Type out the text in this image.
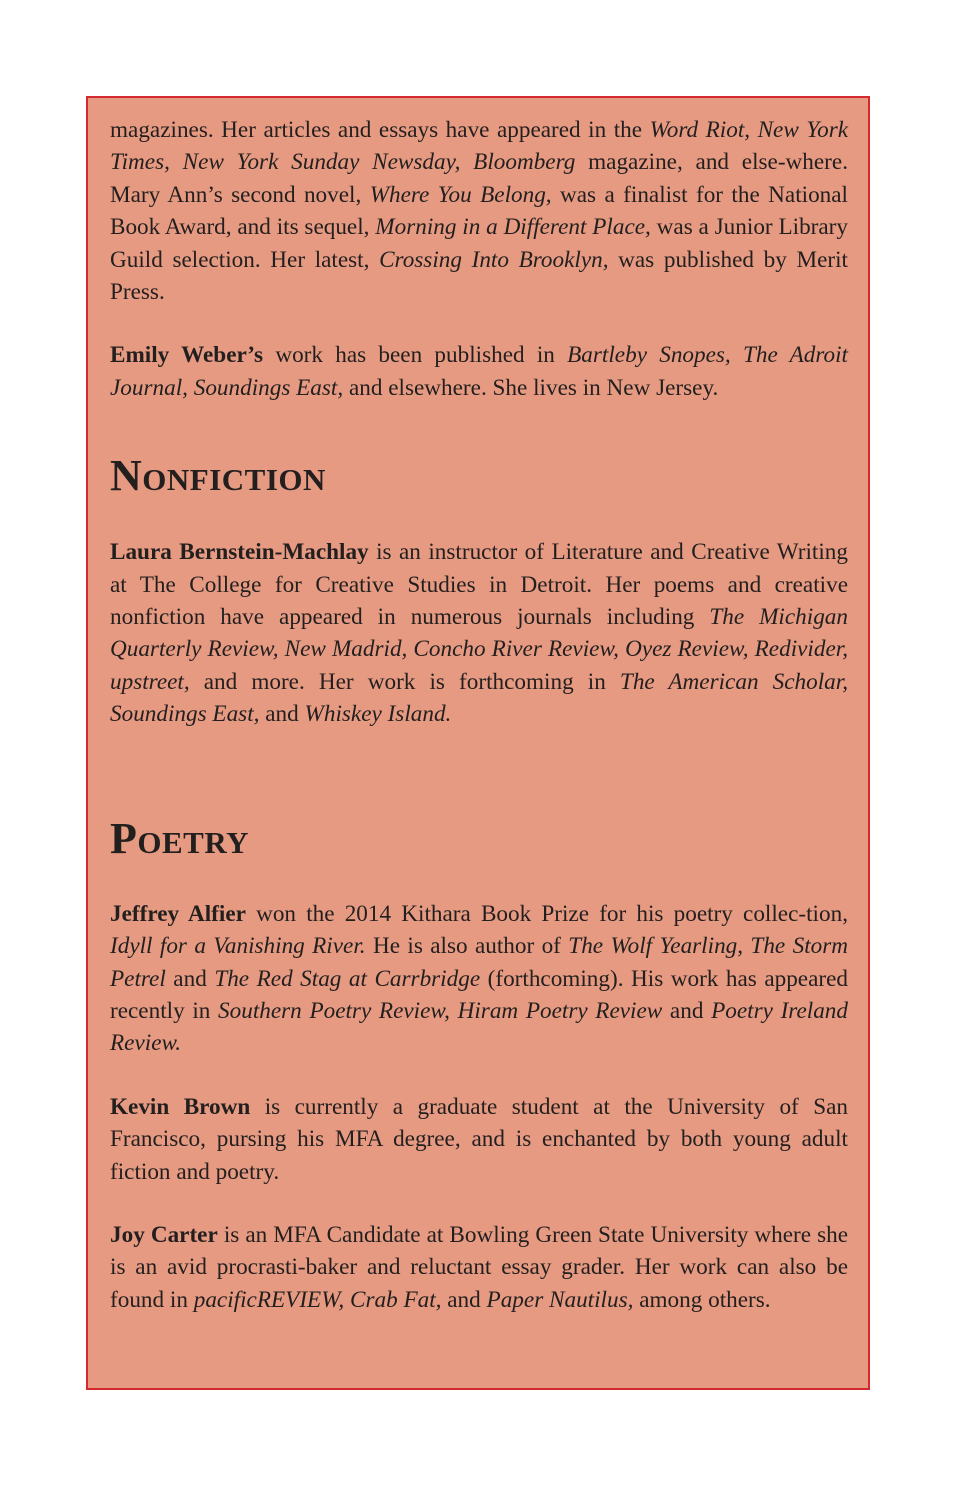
magazines. Her articles and essays have appeared in the Word Riot, New York Times, New York Sunday Newsday, Bloomberg magazine, and else-where. Mary Ann’s second novel, Where You Belong, was a finalist for the National Book Award, and its sequel, Morning in a Different Place, was a Junior Library Guild selection. Her latest, Crossing Into Brooklyn, was published by Merit Press.

Emily Weber’s work has been published in Bartleby Snopes, The Adroit Journal, Soundings East, and elsewhere. She lives in New Jersey.

Nonfiction

Laura Bernstein-Machlay is an instructor of Literature and Creative Writing at The College for Creative Studies in Detroit. Her poems and creative nonfiction have appeared in numerous journals including The Michigan Quarterly Review, New Madrid, Concho River Review, Oyez Review, Redivider, upstreet, and more. Her work is forthcoming in The American Scholar, Soundings East, and Whiskey Island.

Poetry

Jeffrey Alfier won the 2014 Kithara Book Prize for his poetry collec-tion, Idyll for a Vanishing River. He is also author of The Wolf Yearling, The Storm Petrel and The Red Stag at Carrbridge (forthcoming). His work has appeared recently in Southern Poetry Review, Hiram Poetry Review and Poetry Ireland Review.

Kevin Brown is currently a graduate student at the University of San Francisco, pursing his MFA degree, and is enchanted by both young adult fiction and poetry.

Joy Carter is an MFA Candidate at Bowling Green State University where she is an avid procrasti-baker and reluctant essay grader. Her work can also be found in pacificREVIEW, Crab Fat, and Paper Nautilus, among others.
